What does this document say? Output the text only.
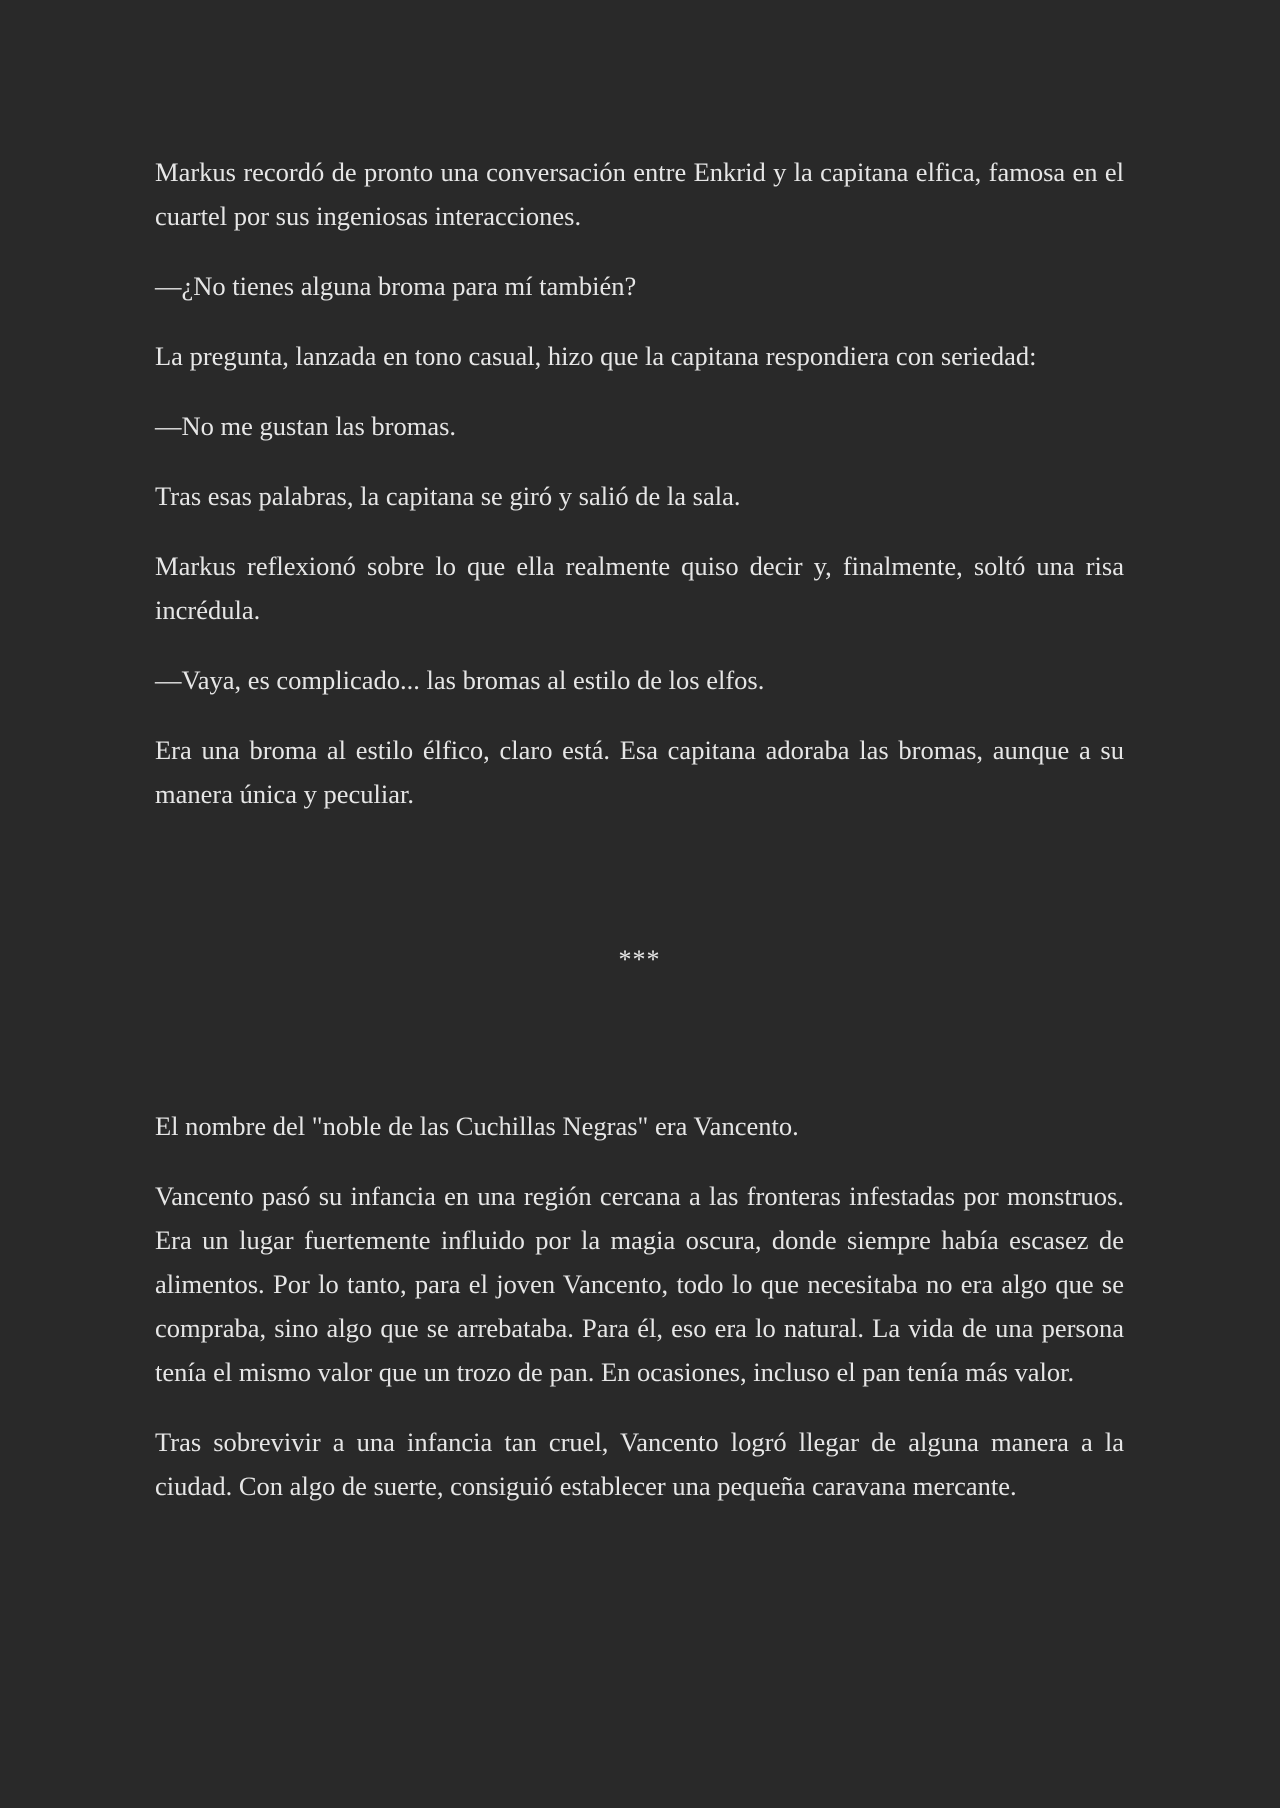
Markus recordó de pronto una conversación entre Enkrid y la capitana elfica, famosa en el cuartel por sus ingeniosas interacciones.

—¿No tienes alguna broma para mí también?

La pregunta, lanzada en tono casual, hizo que la capitana respondiera con seriedad:

—No me gustan las bromas.

Tras esas palabras, la capitana se giró y salió de la sala.

Markus reflexionó sobre lo que ella realmente quiso decir y, finalmente, soltó una risa incrédula.

—Vaya, es complicado... las bromas al estilo de los elfos.

Era una broma al estilo élfico, claro está. Esa capitana adoraba las bromas, aunque a su manera única y peculiar.

***

El nombre del "noble de las Cuchillas Negras" era Vancento.

Vancento pasó su infancia en una región cercana a las fronteras infestadas por monstruos. Era un lugar fuertemente influido por la magia oscura, donde siempre había escasez de alimentos. Por lo tanto, para el joven Vancento, todo lo que necesitaba no era algo que se compraba, sino algo que se arrebataba. Para él, eso era lo natural. La vida de una persona tenía el mismo valor que un trozo de pan. En ocasiones, incluso el pan tenía más valor.

Tras sobrevivir a una infancia tan cruel, Vancento logró llegar de alguna manera a la ciudad. Con algo de suerte, consiguió establecer una pequeña caravana mercante.
